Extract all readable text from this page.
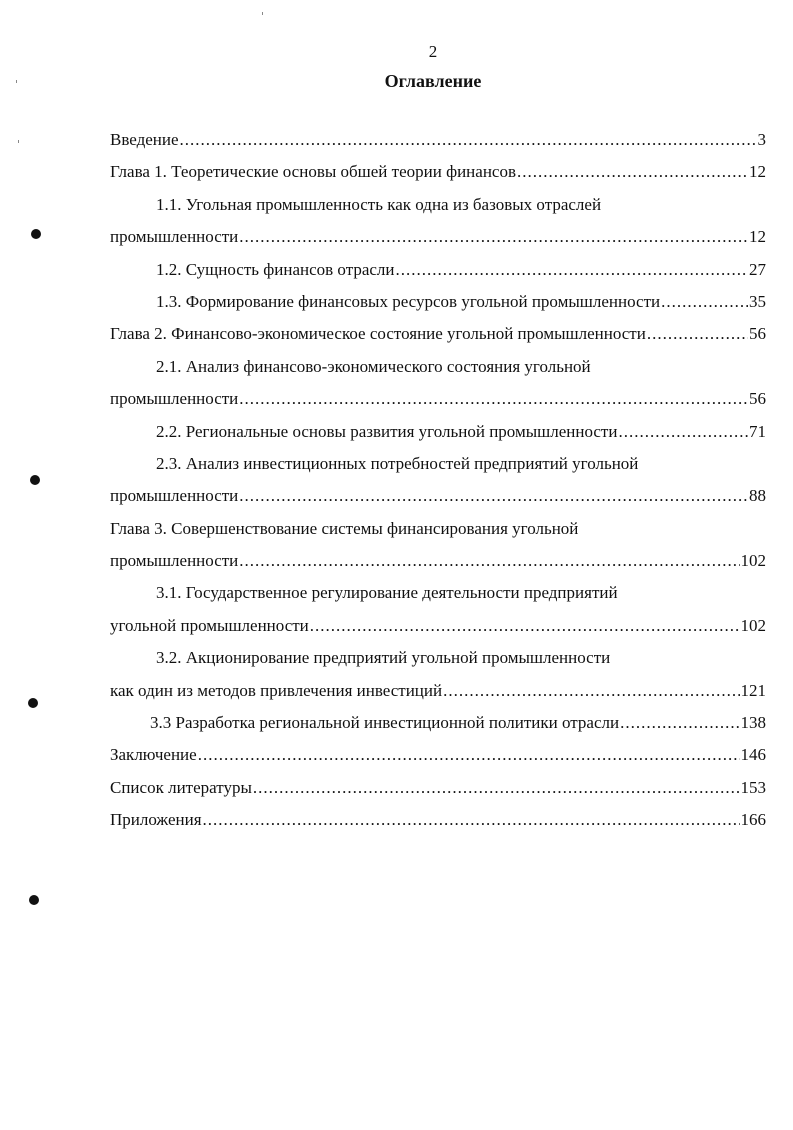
2
Оглавление
Введение .....	3
Глава 1. Теоретические основы обшей теории финансов .....	12
1.1. Угольная промышленность как одна из базовых отраслей
промышленности .....	12
1.2. Сущность финансов отрасли .....	27
1.3. Формирование финансовых ресурсов угольной промышленности .....	35
Глава 2. Финансово-экономическое состояние угольной промышленности .....	56
2.1. Анализ финансово-экономического состояния угольной
промышленности .....	56
2.2. Региональные основы развития угольной промышленности .....	71
2.3. Анализ инвестиционных потребностей предприятий угольной
промышленности .....	88
Глава 3. Совершенствование системы финансирования угольной
промышленности .....	102
3.1. Государственное регулирование деятельности предприятий
угольной промышленности .....	102
3.2. Акционирование предприятий угольной промышленности
как один из методов привлечения инвестиций .....	121
3.3 Разработка региональной инвестиционной политики отрасли .....	138
Заключение .....	146
Список литературы .....	153
Приложения .....	166
